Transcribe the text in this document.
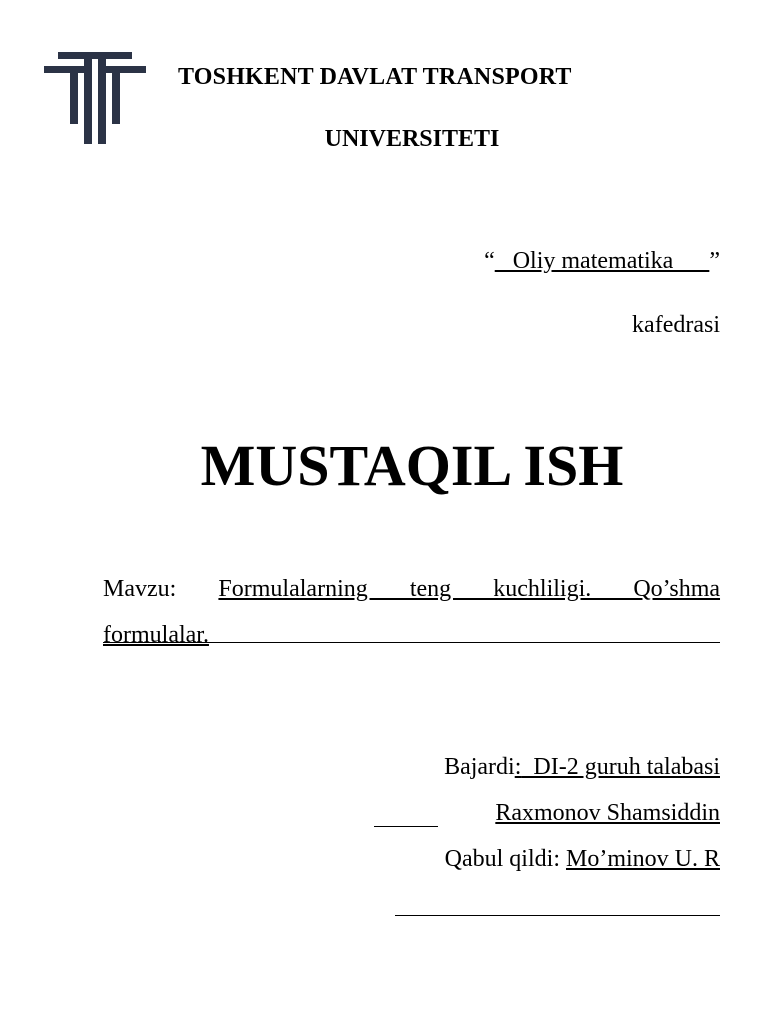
TOSHKENT DAVLAT TRANSPORT
UNIVERSITETI
“   Oliy matematika      ”
kafedrasi
MUSTAQIL ISH
Mavzu: Formulalarning teng kuchliligi. Qo’shma
formulalar.
Bajardi:  DI-2 guruh talabasi
Raxmonov Shamsiddin
Qabul qildi: Mo’minov U. R
